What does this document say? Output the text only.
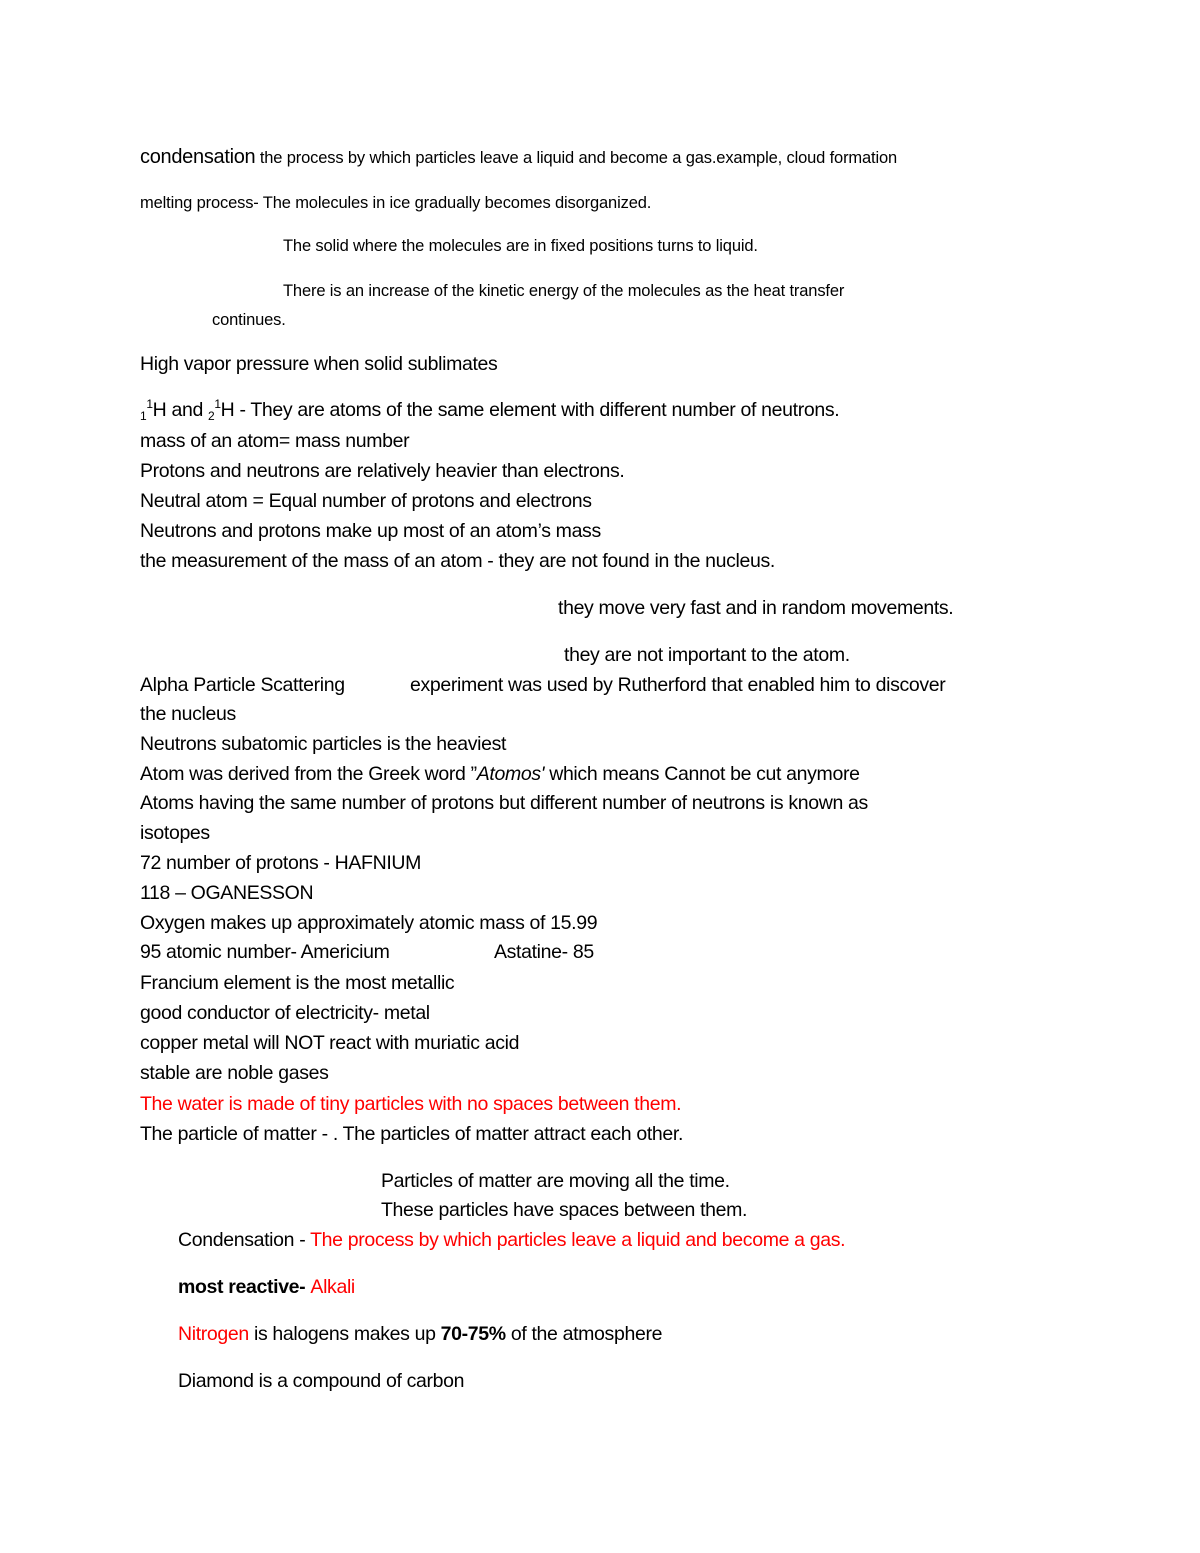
condensation the process by which particles leave a liquid and become a gas.example, cloud formation
melting process- The molecules in ice gradually becomes disorganized.
The solid where the molecules are in fixed positions turns to liquid.
There is an increase of the kinetic energy of the molecules as the heat transfer
continues.
High vapor pressure when solid sublimates
$_1^1$H and $_2^1$H - They are atoms of the same element with different number of neutrons.
mass of an atom= mass number
Protons and neutrons are relatively heavier than electrons.
Neutral atom = Equal number of protons and electrons
Neutrons and protons make up most of an atom’s mass
the measurement of the mass of an atom - they are not found in the nucleus.
they move very fast and in random movements.
they are not important to the atom.
Alpha Particle Scattering	experiment was used by Rutherford that enabled him to discover
the nucleus
Neutrons subatomic particles is the heaviest
Atom was derived from the Greek word ”Atomos' which means Cannot be cut anymore
Atoms having the same number of protons but different number of neutrons is known as
isotopes
72 number of protons - HAFNIUM
118 – OGANESSON
Oxygen makes up approximately atomic mass of 15.99
95 atomic number- Americium	Astatine- 85
Francium element is the most metallic
good conductor of electricity- metal
copper metal will NOT react with muriatic acid
stable are noble gases
The water is made of tiny particles with no spaces between them.
The particle of matter - . The particles of matter attract each other.
Particles of matter are moving all the time.
These particles have spaces between them.
Condensation - The process by which particles leave a liquid and become a gas.
most reactive- Alkali
Nitrogen is halogens makes up 70-75% of the atmosphere
Diamond is a compound of carbon
